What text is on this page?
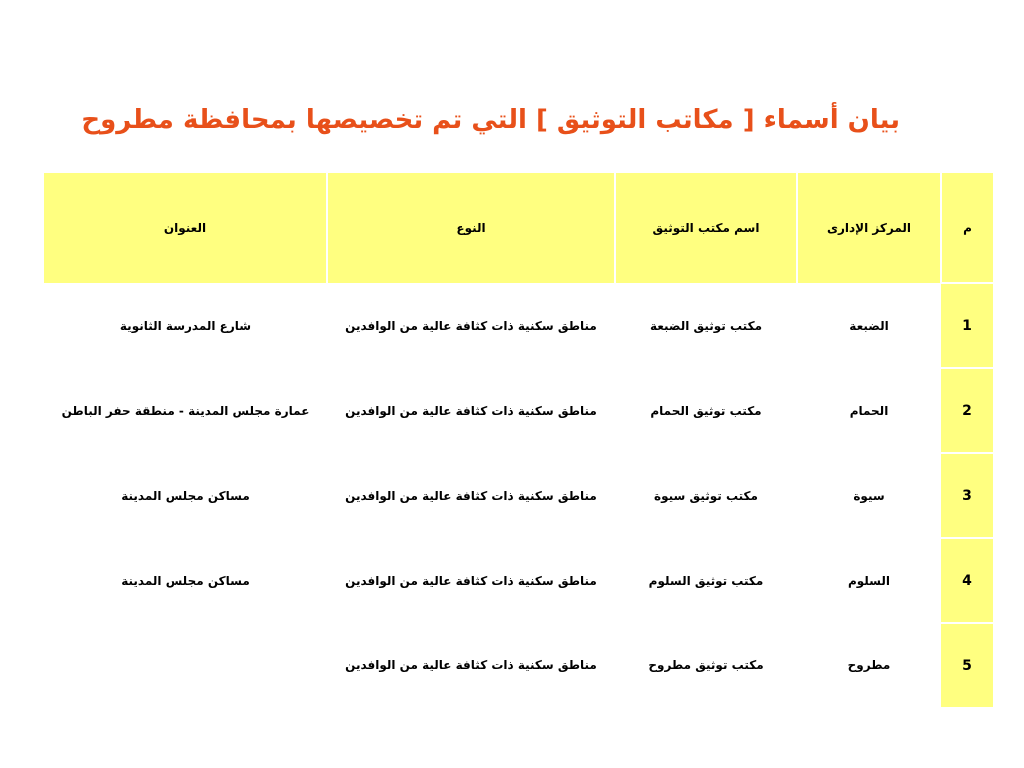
بيان أسماء [ مكاتب التوثيق ] التي تم تخصيصها بمحافظة مطروح
م	المركز الإدارى	اسم مكتب التوثيق	النوع	العنوان
1	الضبعة	مكتب توثيق الضبعة	مناطق سكنية ذات كثافة عالية من الوافدين	شارع المدرسة الثانوية
2	الحمام	مكتب توثيق الحمام	مناطق سكنية ذات كثافة عالية من الوافدين	عمارة مجلس المدينة - منطقة حفر الباطن
3	سيوة	مكتب توثيق سيوة	مناطق سكنية ذات كثافة عالية من الوافدين	مساكن مجلس المدينة
4	السلوم	مكتب توثيق السلوم	مناطق سكنية ذات كثافة عالية من الوافدين	مساكن مجلس المدينة
5	مطروح	مكتب توثيق مطروح	مناطق سكنية ذات كثافة عالية من الوافدين	
